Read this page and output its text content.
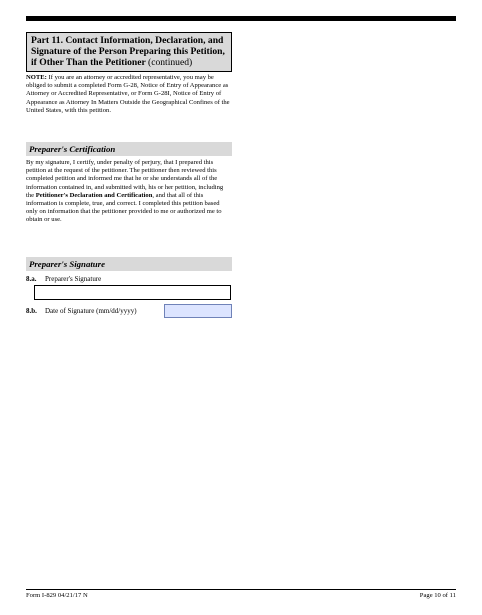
Part 11. Contact Information, Declaration, and Signature of the Person Preparing this Petition, if Other Than the Petitioner (continued)
NOTE: If you are an attorney or accredited representative, you may be obliged to submit a completed Form G-28, Notice of Entry of Appearance as Attorney or Accredited Representative, or Form G-28I, Notice of Entry of Appearance as Attorney In Matters Outside the Geographical Confines of the United States, with this petition.
Preparer's Certification
By my signature, I certify, under penalty of perjury, that I prepared this petition at the request of the petitioner. The petitioner then reviewed this completed petition and informed me that he or she understands all of the information contained in, and submitted with, his or her petition, including the Petitioner's Declaration and Certification, and that all of this information is complete, true, and correct. I completed this petition based only on information that the petitioner provided to me or authorized me to obtain or use.
Preparer's Signature
8.a. Preparer's Signature
8.b. Date of Signature (mm/dd/yyyy)
Form I-829 04/21/17 N	Page 10 of 11
